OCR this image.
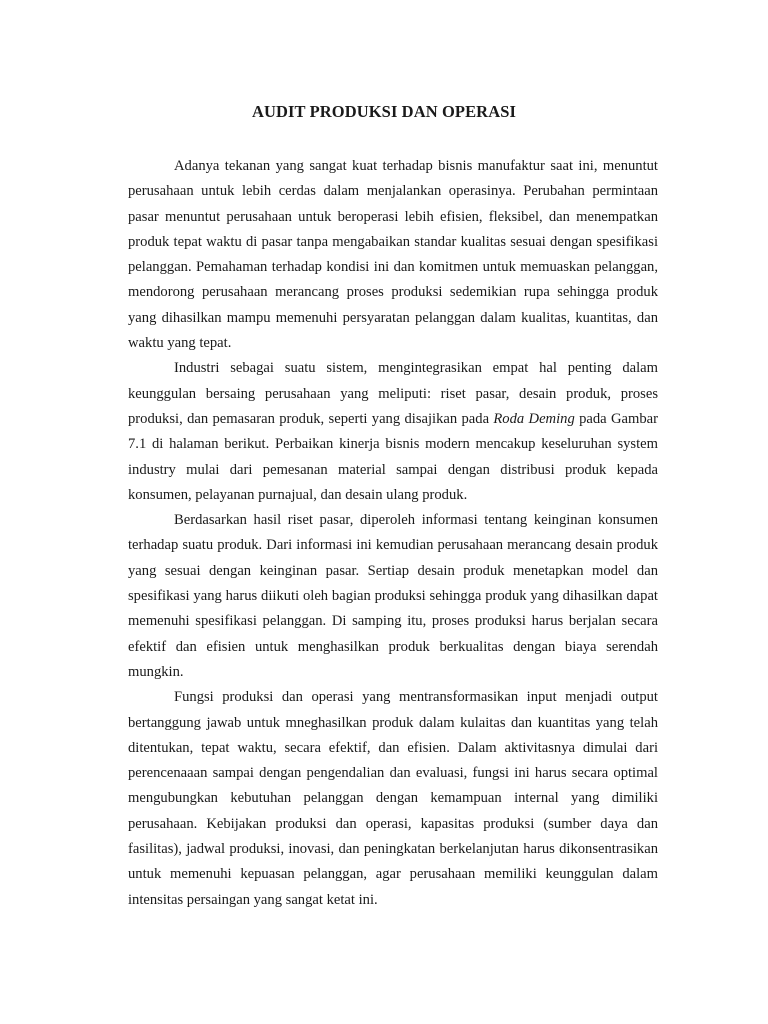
AUDIT PRODUKSI DAN OPERASI

Adanya tekanan yang sangat kuat terhadap bisnis manufaktur saat ini, menuntut perusahaan untuk lebih cerdas dalam menjalankan operasinya. Perubahan permintaan pasar menuntut perusahaan untuk beroperasi lebih efisien, fleksibel, dan menempatkan produk tepat waktu di pasar tanpa mengabaikan standar kualitas sesuai dengan spesifikasi pelanggan. Pemahaman terhadap kondisi ini dan komitmen untuk memuaskan pelanggan, mendorong perusahaan merancang proses produksi sedemikian rupa sehingga produk yang dihasilkan mampu memenuhi persyaratan pelanggan dalam kualitas, kuantitas, dan waktu yang tepat.

Industri sebagai suatu sistem, mengintegrasikan empat hal penting dalam keunggulan bersaing perusahaan yang meliputi: riset pasar, desain produk, proses produksi, dan pemasaran produk, seperti yang disajikan pada Roda Deming pada Gambar 7.1 di halaman berikut. Perbaikan kinerja bisnis modern mencakup keseluruhan system industry mulai dari pemesanan material sampai dengan distribusi produk kepada konsumen, pelayanan purnajual, dan desain ulang produk.

Berdasarkan hasil riset pasar, diperoleh informasi tentang keinginan konsumen terhadap suatu produk. Dari informasi ini kemudian perusahaan merancang desain produk yang sesuai dengan keinginan pasar. Sertiap desain produk menetapkan model dan spesifikasi yang harus diikuti oleh bagian produksi sehingga produk yang dihasilkan dapat memenuhi spesifikasi pelanggan. Di samping itu, proses produksi harus berjalan secara efektif dan efisien untuk menghasilkan produk berkualitas dengan biaya serendah mungkin.

Fungsi produksi dan operasi yang mentransformasikan input menjadi output bertanggung jawab untuk mneghasilkan produk dalam kulaitas dan kuantitas yang telah ditentukan, tepat waktu, secara efektif, dan efisien. Dalam aktivitasnya dimulai dari perencenaaan sampai dengan pengendalian dan evaluasi, fungsi ini harus secara optimal mengubungkan kebutuhan pelanggan dengan kemampuan internal yang dimiliki perusahaan. Kebijakan produksi dan operasi, kapasitas produksi (sumber daya dan fasilitas), jadwal produksi, inovasi, dan peningkatan berkelanjutan harus dikonsentrasikan untuk memenuhi kepuasan pelanggan, agar perusahaan memiliki keunggulan dalam intensitas persaingan yang sangat ketat ini.
